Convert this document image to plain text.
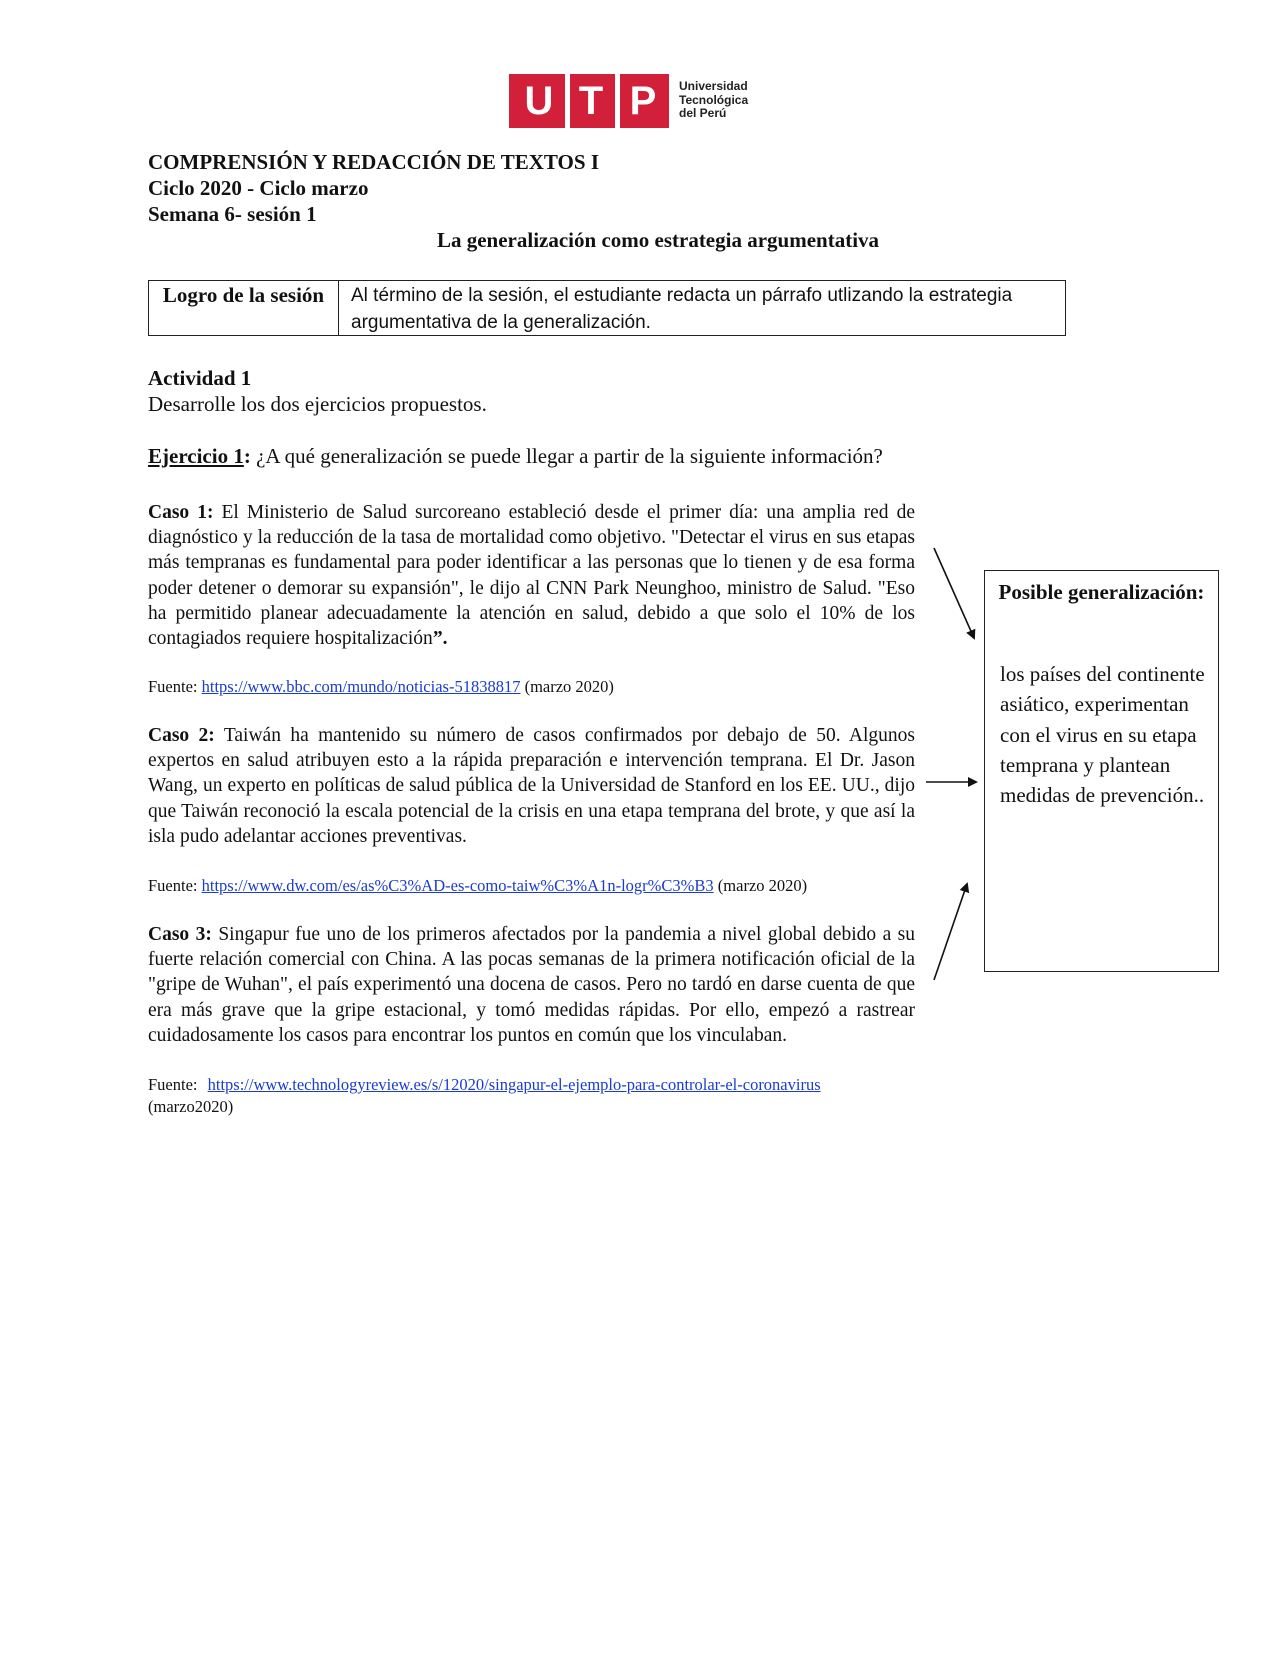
U T P	Universidad
Tecnológica
del Perú
COMPRENSIÓN Y REDACCIÓN DE TEXTOS I
Ciclo 2020 - Ciclo marzo
Semana 6- sesión 1
La generalización como estrategia argumentativa
Logro de la sesión	Al término de la sesión, el estudiante redacta un párrafo utlizando la estrategia argumentativa de la generalización.
Actividad 1
Desarrolle los dos ejercicios propuestos.
Ejercicio 1: ¿A qué generalización se puede llegar a partir de la siguiente información?

Caso 1: El Ministerio de Salud surcoreano estableció desde el primer día: una amplia red de diagnóstico y la reducción de la tasa de mortalidad como objetivo. "Detectar el virus en sus etapas más tempranas es fundamental para poder identificar a las personas que lo tienen y de esa forma poder detener o demorar su expansión", le dijo al CNN Park Neunghoo, ministro de Salud. "Eso ha permitido planear adecuadamente la atención en salud, debido a que solo el 10% de los contagiados requiere hospitalización”.

Fuente: https://www.bbc.com/mundo/noticias-51838817 (marzo 2020)

Caso 2: Taiwán ha mantenido su número de casos confirmados por debajo de 50. Algunos expertos en salud atribuyen esto a la rápida preparación e intervención temprana. El Dr. Jason Wang, un experto en políticas de salud pública de la Universidad de Stanford en los EE. UU., dijo que Taiwán reconoció la escala potencial de la crisis en una etapa temprana del brote, y que así la isla pudo adelantar acciones preventivas.

Fuente: https://www.dw.com/es/as%C3%AD-es-como-taiw%C3%A1n-logr%C3%B3 (marzo 2020)

Caso 3: Singapur fue uno de los primeros afectados por la pandemia a nivel global debido a su fuerte relación comercial con China. A las pocas semanas de la primera notificación oficial de la "gripe de Wuhan", el país experimentó una docena de casos. Pero no tardó en darse cuenta de que era más grave que la gripe estacional, y tomó medidas rápidas. Por ello, empezó a rastrear cuidadosamente los casos para encontrar los puntos en común que los vinculaban.

Fuente: https://www.technologyreview.es/s/12020/singapur-el-ejemplo-para-controlar-el-coronavirus
(marzo2020)
Posible generalización:
los países del continente asiático, experimentan con el virus en su etapa temprana y plantean medidas de prevención..
